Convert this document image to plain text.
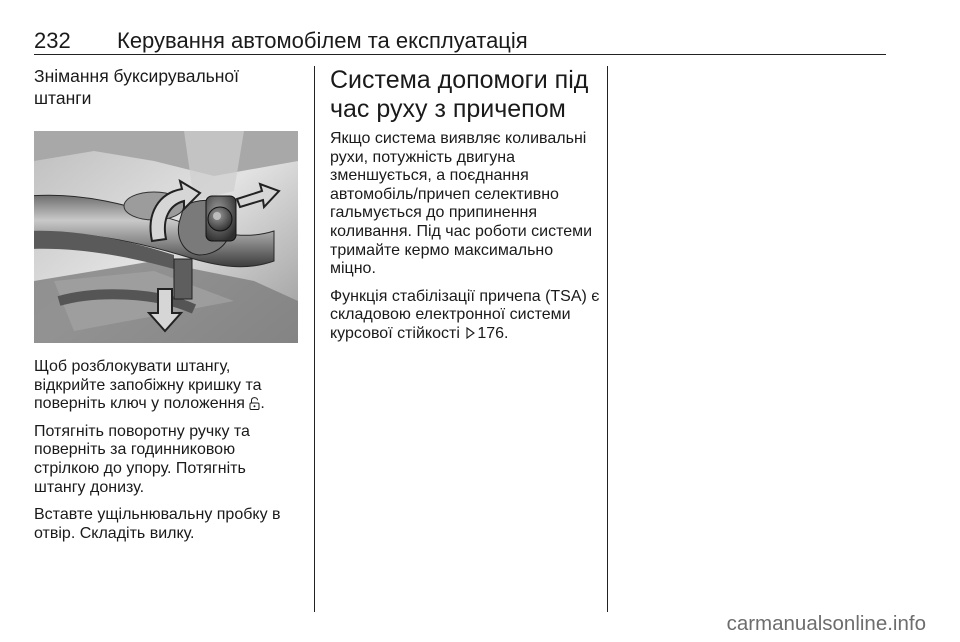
232 Керування автомобілем та експлуатація
Знімання буксирувальної штанги

Щоб розблокувати штангу, відкрийте запобіжну кришку та поверніть ключ у положення .

Потягніть поворотну ручку та поверніть за годинниковою стрілкою до упору. Потягніть штангу донизу.

Вставте ущільнювальну пробку в отвір. Складіть вилку.

Система допомоги під час руху з причепом

Якщо система виявляє коливальні рухи, потужність двигуна зменшується, а поєднання автомобіль/причеп селективно гальмується до припинення коливання. Під час роботи системи тримайте кермо максимально міцно.

Функція стабілізації причепа (TSA) є складовою електронної системи курсової стійкості 176.

carmanualsonline.info
